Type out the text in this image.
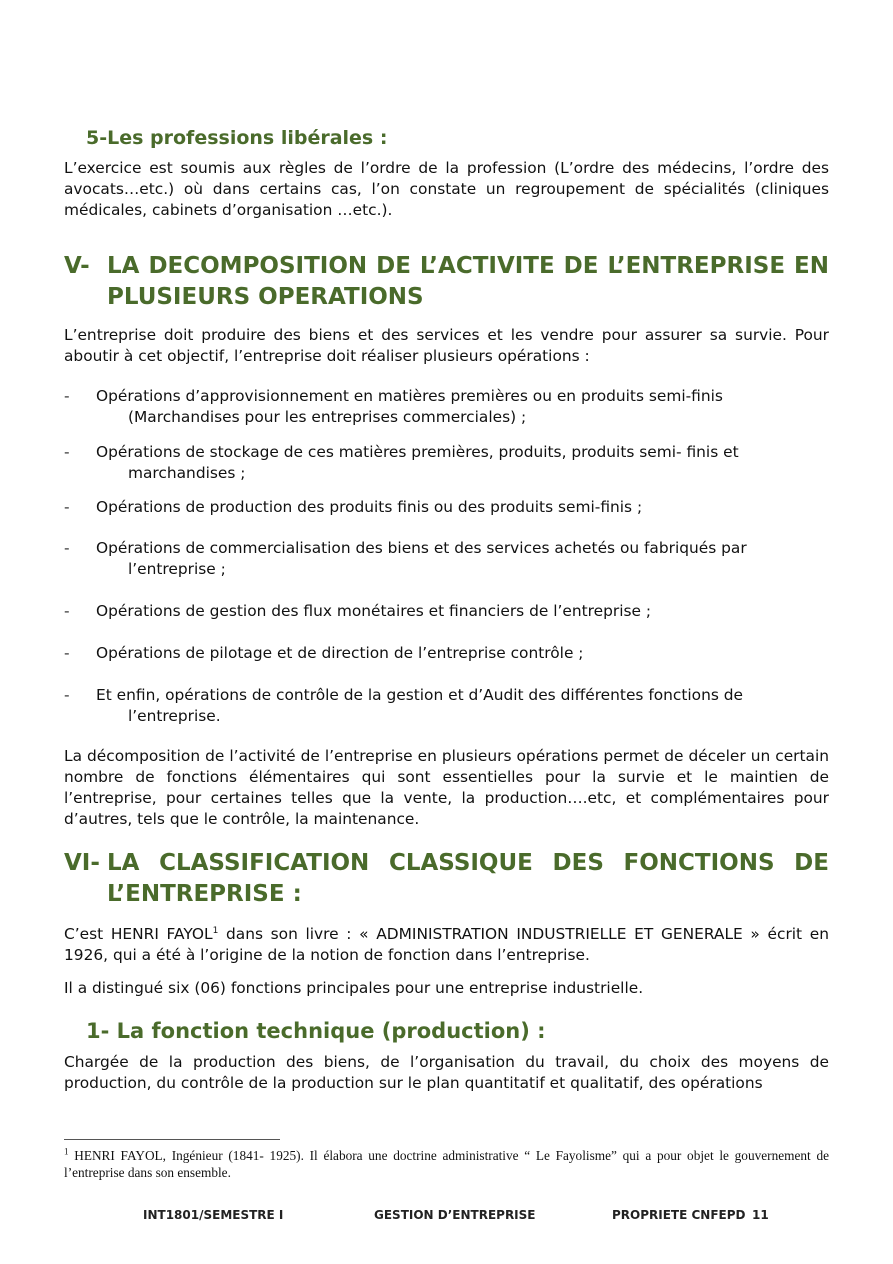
5-Les professions libérales :

L’exercice est soumis aux règles de l’ordre de la profession (L’ordre des médecins, l’ordre des avocats…etc.) où dans certains cas, l’on constate un regroupement de spécialités (cliniques médicales, cabinets d’organisation …etc.).

V- LA DECOMPOSITION DE L’ACTIVITE DE L’ENTREPRISE EN PLUSIEURS OPERATIONS

L’entreprise doit produire des biens et des services et les vendre pour assurer sa survie. Pour aboutir à cet objectif, l’entreprise doit réaliser plusieurs opérations :

-	Opérations d’approvisionnement en matières premières ou en produits semi-finis
(Marchandises pour les entreprises commerciales) ;
-	Opérations de stockage de ces matières premières, produits, produits semi- finis et
marchandises ;
-	Opérations de production des produits finis ou des produits semi-finis ;
-	Opérations de commercialisation des biens et des services achetés ou fabriqués par
l’entreprise ;
-	Opérations de gestion des flux monétaires et financiers de l’entreprise ;
-	Opérations de pilotage et de direction de l’entreprise contrôle ;
-	Et enfin, opérations de contrôle de la gestion et d’Audit des différentes fonctions de
l’entreprise.

La décomposition de l’activité de l’entreprise en plusieurs opérations permet de déceler un certain nombre de fonctions élémentaires qui sont essentielles pour la survie et le maintien de l’entreprise, pour certaines telles que la vente, la production….etc, et complémentaires pour d’autres, tels que le contrôle, la maintenance.

VI- LA CLASSIFICATION CLASSIQUE DES FONCTIONS DE L’ENTREPRISE :

C’est HENRI FAYOL$^1$ dans son livre : « ADMINISTRATION INDUSTRIELLE ET GENERALE » écrit en 1926, qui a été à l’origine de la notion de fonction dans l’entreprise.

Il a distingué six (06) fonctions principales pour une entreprise industrielle.

1- La fonction technique (production) :

Chargée de la production des biens, de l’organisation du travail, du choix des moyens de production, du contrôle de la production sur le plan quantitatif et qualitatif, des opérations

$^1$ HENRI FAYOL, Ingénieur (1841- 1925). Il élabora une doctrine administrative “ Le Fayolisme” qui a pour objet le gouvernement de l’entreprise dans son ensemble.
INT1801/SEMESTRE I	GESTION D’ENTREPRISE	PROPRIETE CNFEPD 11
